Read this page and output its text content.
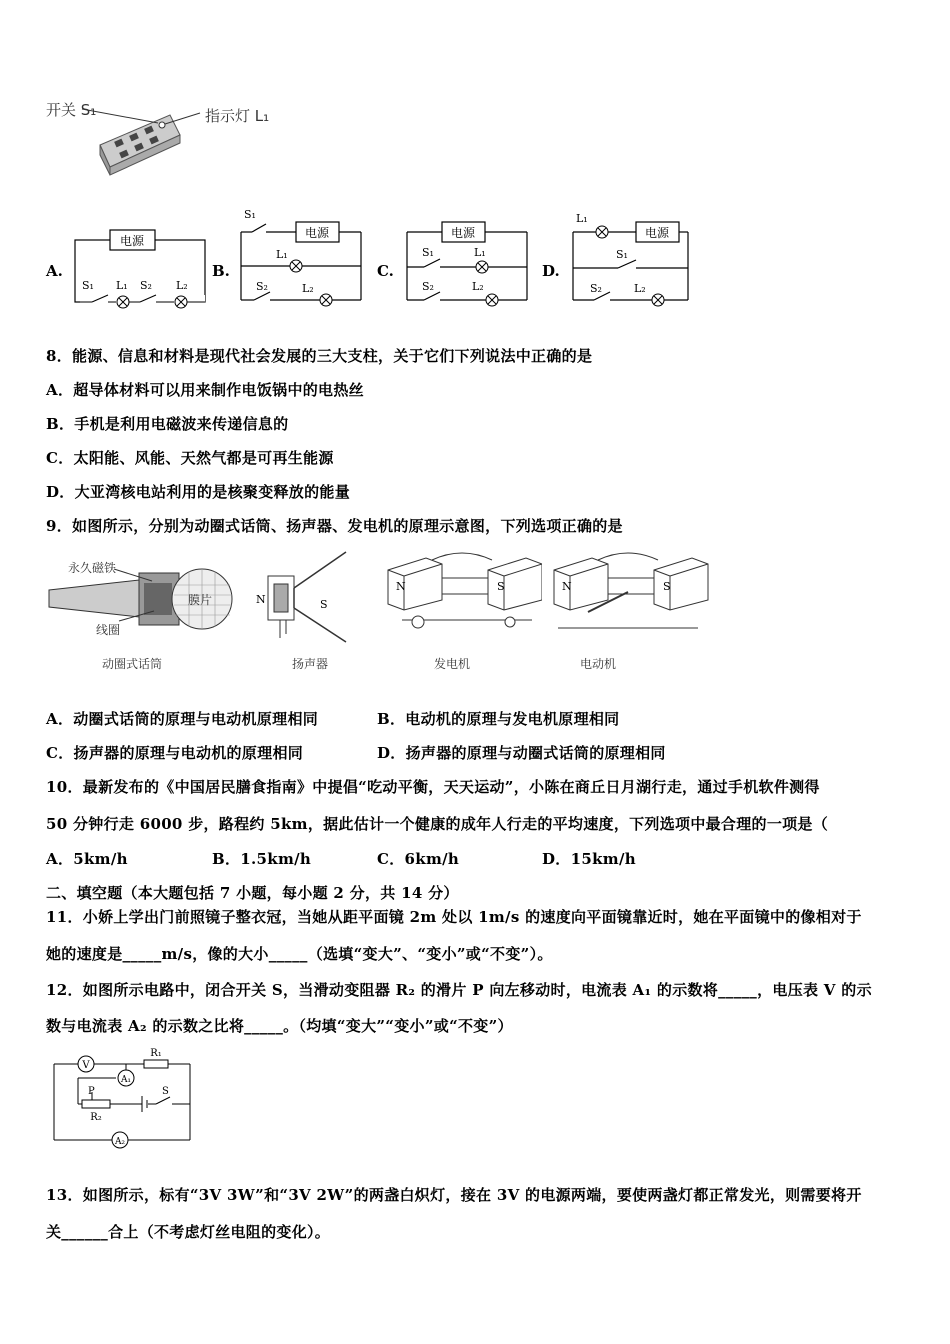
开关 S₁	指示灯 L₁
A.	B.	C.	D.
电源
S₁ L₁ S₂ L₂
电源
S₁
L₁
S₂	L₂
电源
S₁	L₁
S₂	L₂
电源
L₁
S₁
S₂	L₂
8．能源、信息和材料是现代社会发展的三大支柱，关于它们下列说法中正确的是
A．超导体材料可以用来制作电饭锅中的电热丝
B．手机是利用电磁波来传递信息的
C．太阳能、风能、天然气都是可再生能源
D．大亚湾核电站利用的是核聚变释放的能量
9．如图所示，分别为动圈式话筒、扬声器、发电机的原理示意图，下列选项正确的是
永久磁铁
膜片
线圈
动圈式话筒
N	S
扬声器
N	S
发电机
N	S
电动机
A．动圈式话筒的原理与电动机原理相同	B．电动机的原理与发电机原理相同
C．扬声器的原理与电动机的原理相同	D．扬声器的原理与动圈式话筒的原理相同
10．最新发布的《中国居民膳食指南》中提倡“吃动平衡，天天运动”，小陈在商丘日月湖行走，通过手机软件测得
50 分钟行走 6000 步，路程约 5km，据此估计一个健康的成年人行走的平均速度，下列选项中最合理的一项是（
A．5km/h	B．1.5km/h	C．6km/h	D．15km/h
二、填空题（本大题包括 7 小题，每小题 2 分，共 14 分）
11．小娇上学出门前照镜子整衣冠，当她从距平面镜 2m 处以 1m/s 的速度向平面镜靠近时，她在平面镜中的像相对于
她的速度是_____m/s，像的大小_____（选填“变大”、“变小”或“不变”）。
12．如图所示电路中，闭合开关 S，当滑动变阻器 R₂ 的滑片 P 向左移动时，电流表 A₁ 的示数将_____，电压表 V 的示
数与电流表 A₂ 的示数之比将_____。（均填“变大”“变小”或“不变”）
V
R₁
A₁
A₂
P
R₂
S
13．如图所示，标有“3V 3W”和“3V 2W”的两盏白炽灯，接在 3V 的电源两端，要使两盏灯都正常发光，则需要将开
关______合上（不考虑灯丝电阻的变化）。
